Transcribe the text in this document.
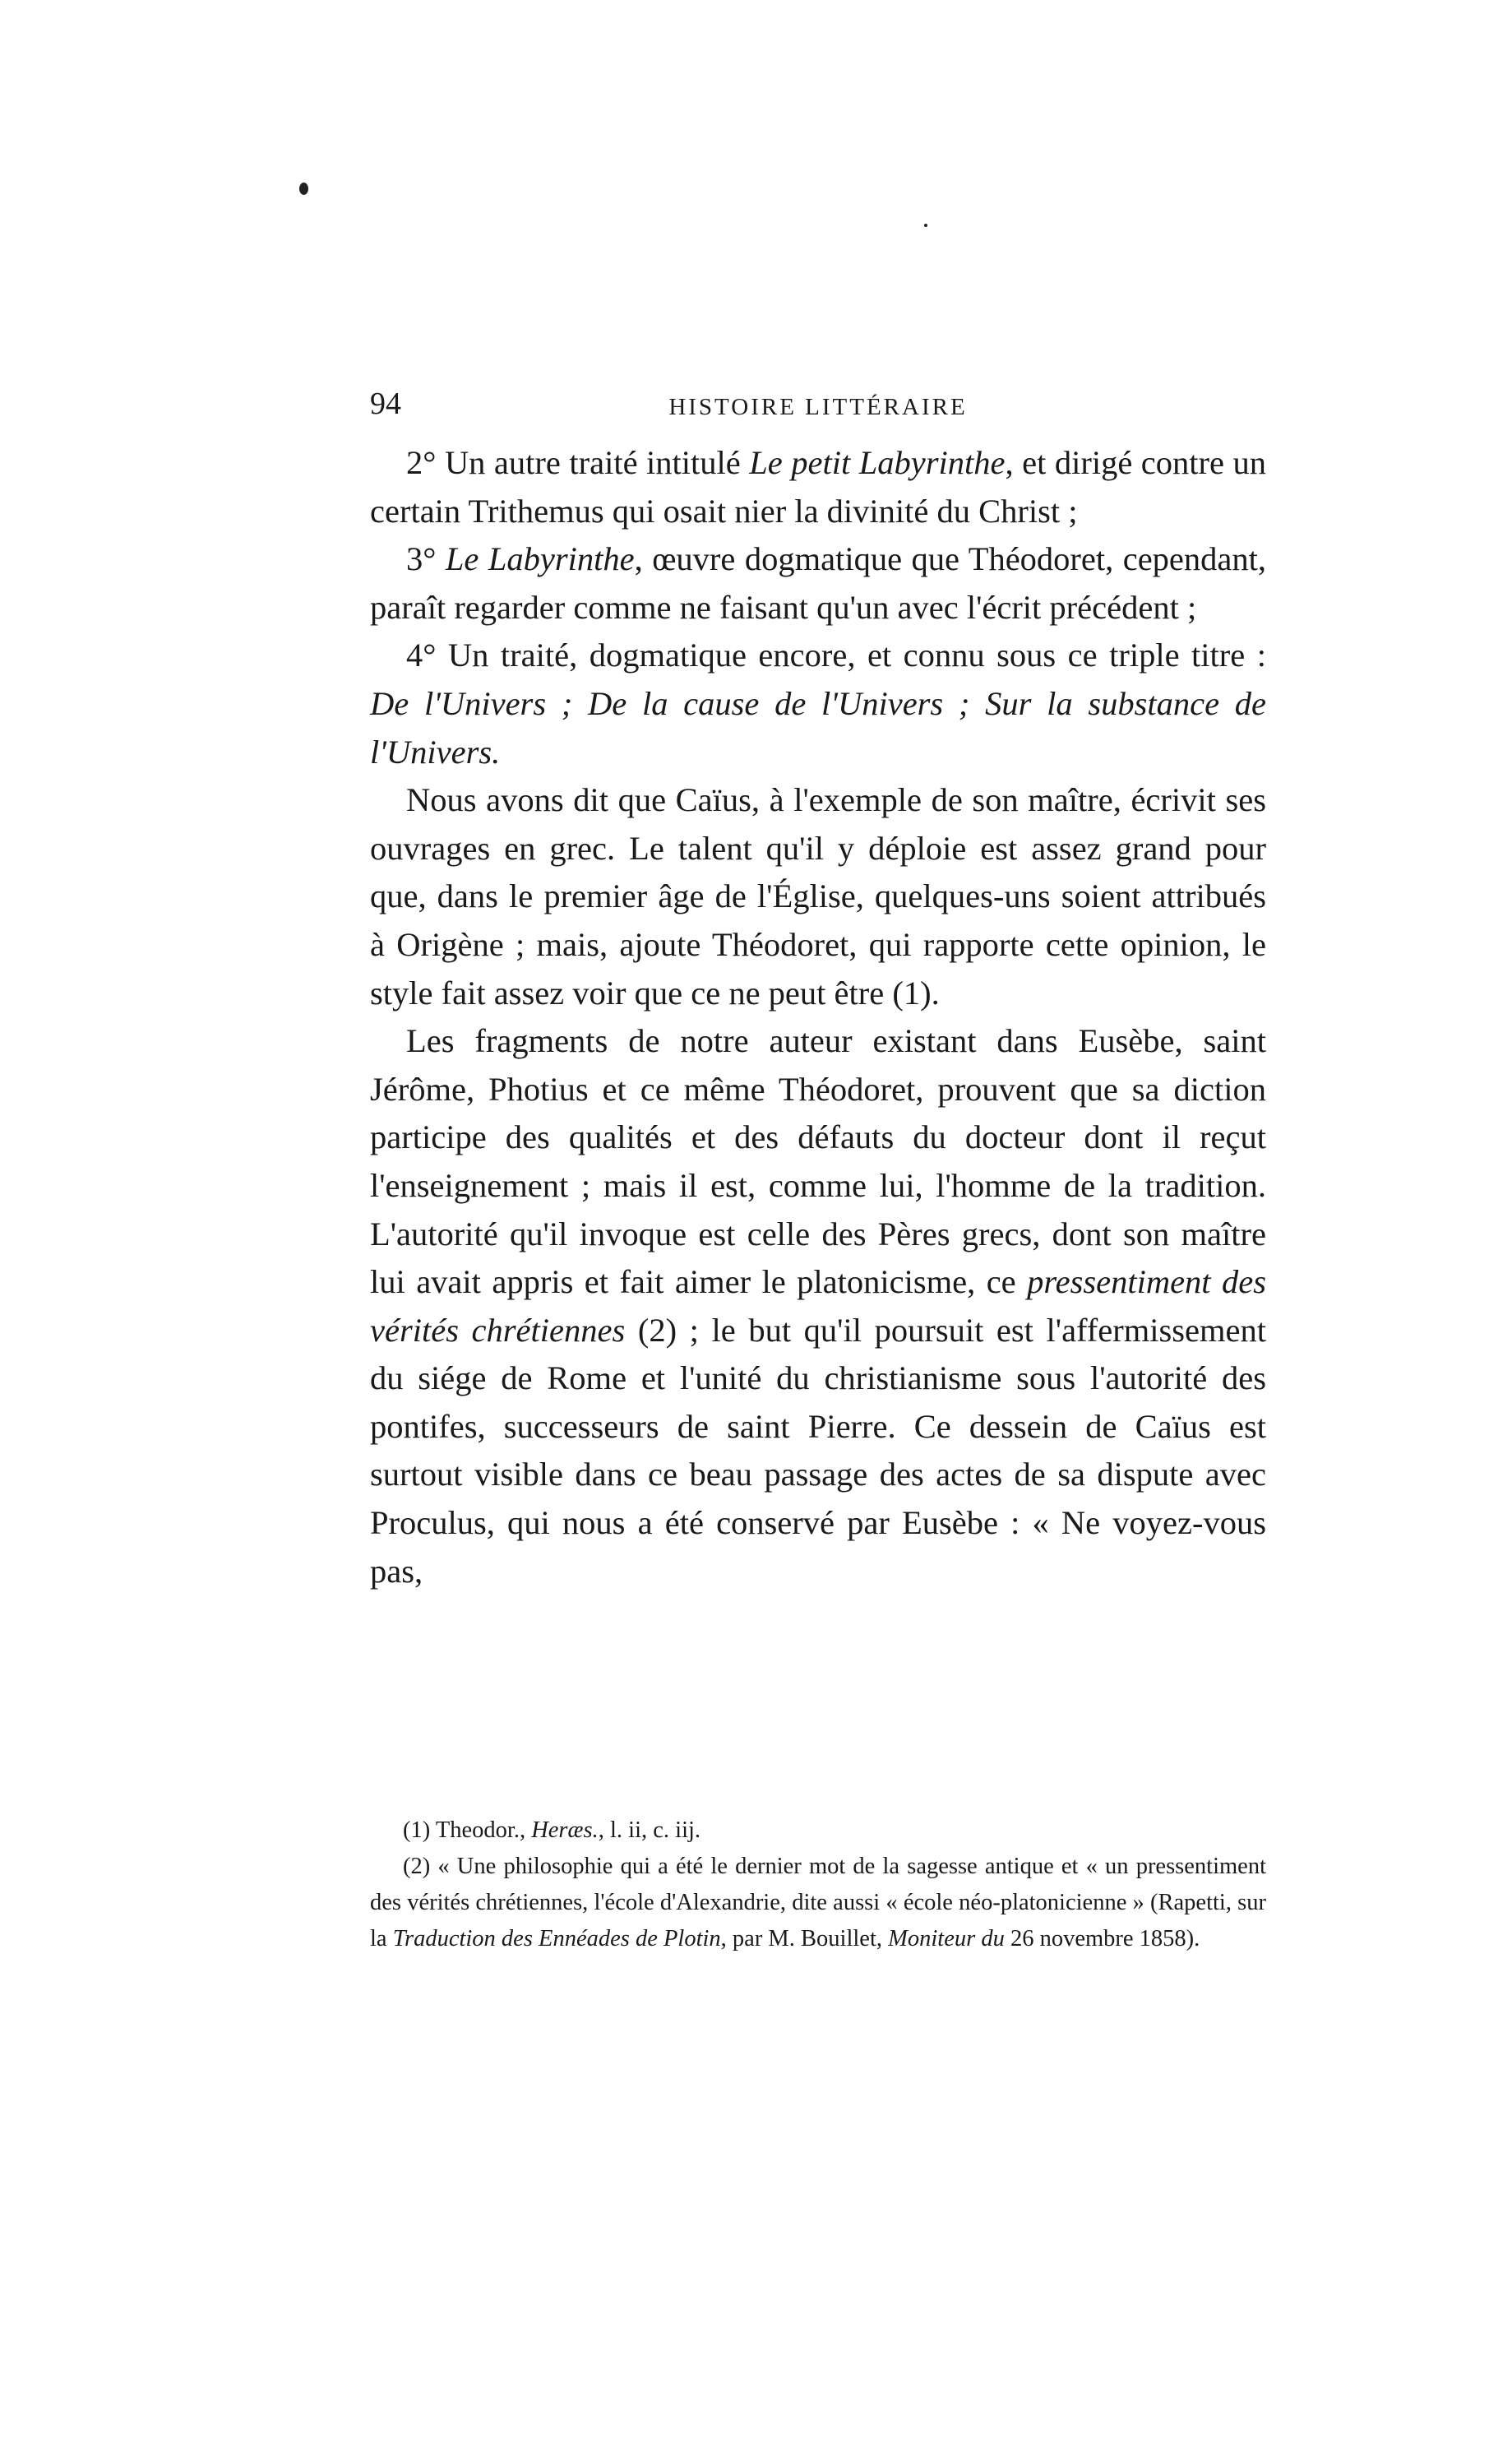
94	HISTOIRE LITTÉRAIRE

2° Un autre traité intitulé Le petit Labyrinthe, et dirigé contre un certain Trithemus qui osait nier la divinité du Christ ;

3° Le Labyrinthe, œuvre dogmatique que Théodoret, cependant, paraît regarder comme ne faisant qu'un avec l'écrit précédent ;

4° Un traité, dogmatique encore, et connu sous ce triple titre : De l'Univers ; De la cause de l'Univers ; Sur la substance de l'Univers.

Nous avons dit que Caïus, à l'exemple de son maître, écrivit ses ouvrages en grec. Le talent qu'il y déploie est assez grand pour que, dans le premier âge de l'Église, quelques-uns soient attribués à Origène ; mais, ajoute Théodoret, qui rapporte cette opinion, le style fait assez voir que ce ne peut être (1).

Les fragments de notre auteur existant dans Eusèbe, saint Jérôme, Photius et ce même Théodoret, prouvent que sa diction participe des qualités et des défauts du docteur dont il reçut l'enseignement ; mais il est, comme lui, l'homme de la tradition. L'autorité qu'il invoque est celle des Pères grecs, dont son maître lui avait appris et fait aimer le platonicisme, ce pressentiment des vérités chrétiennes (2) ; le but qu'il poursuit est l'affermissement du siége de Rome et l'unité du christianisme sous l'autorité des pontifes, successeurs de saint Pierre. Ce dessein de Caïus est surtout visible dans ce beau passage des actes de sa dispute avec Proculus, qui nous a été conservé par Eusèbe : « Ne voyez-vous pas,

(1) Theodor., Heræs., l. ii, c. iij.

(2) « Une philosophie qui a été le dernier mot de la sagesse antique et « un pressentiment des vérités chrétiennes, l'école d'Alexandrie, dite aussi « école néo-platonicienne » (Rapetti, sur la Traduction des Ennéades de Plotin, par M. Bouillet, Moniteur du 26 novembre 1858).
